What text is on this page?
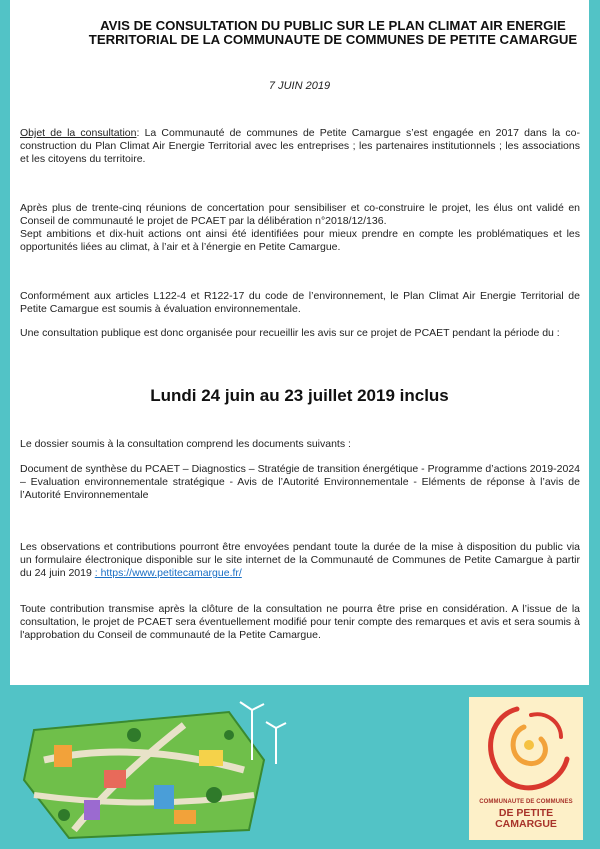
AVIS DE CONSULTATION DU PUBLIC SUR LE PLAN CLIMAT AIR ENERGIE TERRITORIAL DE LA COMMUNAUTE DE COMMUNES DE PETITE CAMARGUE
7 JUIN 2019

Objet de la consultation: La Communauté de communes de Petite Camargue s’est engagée en 2017 dans la co-construction du Plan Climat Air Energie Territorial avec les entreprises ; les partenaires institutionnels ; les associations et les citoyens du territoire.

Après plus de trente-cinq réunions de concertation pour sensibiliser et co-construire le projet, les élus ont validé en Conseil de communauté le projet de PCAET par la délibération n°2018/12/136.

Sept ambitions et dix-huit actions ont ainsi été identifiées pour mieux prendre en compte les problématiques et les opportunités liées au climat, à l’air et à l’énergie en Petite Camargue.

Conformément aux articles L122-4 et R122-17 du code de l’environnement, le Plan Climat Air Energie Territorial de Petite Camargue est soumis à évaluation environnementale.
Une consultation publique est donc organisée pour recueillir les avis sur ce projet de PCAET pendant la période du :
Lundi 24 juin au 23 juillet 2019 inclus
Le dossier soumis à la consultation comprend les documents suivants :
Document de synthèse du PCAET – Diagnostics – Stratégie de transition énergétique - Programme d’actions 2019-2024 – Evaluation environnementale stratégique - Avis de l’Autorité Environnementale - Eléments de réponse à l’avis de l’Autorité Environnementale

Les observations et contributions pourront être envoyées pendant toute la durée de la mise à disposition du public via un formulaire électronique disponible sur le site internet de la Communauté de Communes de Petite Camargue à partir du 24 juin 2019 : https://www.petitecamargue.fr/

Toute contribution transmise après la clôture de la consultation ne pourra être prise en considération. A l’issue de la consultation, le projet de PCAET sera éventuellement modifié pour tenir compte des remarques et avis et sera soumis à l'approbation du Conseil de communauté de la Petite Camargue.
COMMUNAUTE DE COMMUNES
DE PETITE
CAMARGUE
